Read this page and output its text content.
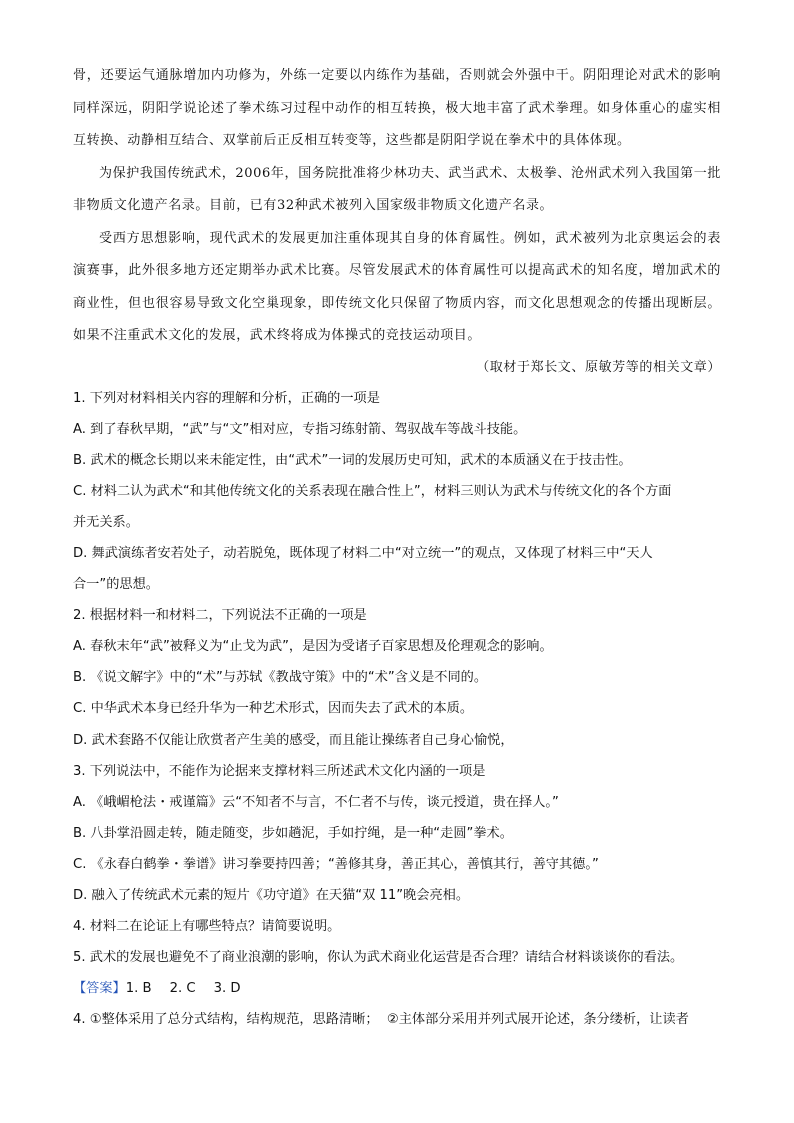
骨，还要运气通脉增加内功修为，外练一定要以内练作为基础，否则就会外强中干。阴阳理论对武术的影响同样深远，阴阳学说论述了拳术练习过程中动作的相互转换，极大地丰富了武术拳理。如身体重心的虚实相互转换、动静相互结合、双掌前后正反相互转变等，这些都是阴阳学说在拳术中的具体体现。

为保护我国传统武术，2006年，国务院批准将少林功夫、武当武术、太极拳、沧州武术列入我国第一批非物质文化遗产名录。目前，已有32种武术被列入国家级非物质文化遗产名录。

受西方思想影响，现代武术的发展更加注重体现其自身的体育属性。例如，武术被列为北京奥运会的表演赛事，此外很多地方还定期举办武术比赛。尽管发展武术的体育属性可以提高武术的知名度，增加武术的商业性，但也很容易导致文化空巢现象，即传统文化只保留了物质内容，而文化思想观念的传播出现断层。如果不注重武术文化的发展，武术终将成为体操式的竞技运动项目。

（取材于郑长文、原敏芳等的相关文章）

1. 下列对材料相关内容的理解和分析，正确的一项是

A. 到了春秋早期，“武”与“文”相对应，专指习练射箭、驾驭战车等战斗技能。

B. 武术的概念长期以来未能定性，由“武术”一词的发展历史可知，武术的本质涵义在于技击性。

C. 材料二认为武术“和其他传统文化的关系表现在融合性上”，材料三则认为武术与传统文化的各个方面

并无关系。

D. 舞武演练者安若处子，动若脱兔，既体现了材料二中“对立统一”的观点，又体现了材料三中“天人

合一”的思想。

2. 根据材料一和材料二，下列说法不正确的一项是

A. 春秋末年“武”被释义为“止戈为武”，是因为受诸子百家思想及伦理观念的影响。

B. 《说文解字》中的“术”与苏轼《教战守策》中的“术”含义是不同的。

C. 中华武术本身已经升华为一种艺术形式，因而失去了武术的本质。

D. 武术套路不仅能让欣赏者产生美的感受，而且能让操练者自己身心愉悦，

3. 下列说法中，不能作为论据来支撑材料三所述武术文化内涵的一项是

A. 《峨嵋枪法・戒谨篇》云“不知者不与言，不仁者不与传，谈元授道，贵在择人。”

B. 八卦掌沿圆走转，随走随变，步如趟泥，手如拧绳，是一种“走圆”拳术。

C. 《永春白鹤拳・拳谱》讲习拳要持四善；“善修其身，善正其心，善慎其行，善守其德。”

D. 融入了传统武术元素的短片《功守道》在天猫“双 11”晚会亮相。

4. 材料二在论证上有哪些特点？请简要说明。

5. 武术的发展也避免不了商业浪潮的影响，你认为武术商业化运营是否合理？请结合材料谈谈你的看法。

【答案】1. B 2. C 3. D

4. ①整体采用了总分式结构，结构规范，思路清晰；  ②主体部分采用并列式展开论述，条分缕析，让读者
